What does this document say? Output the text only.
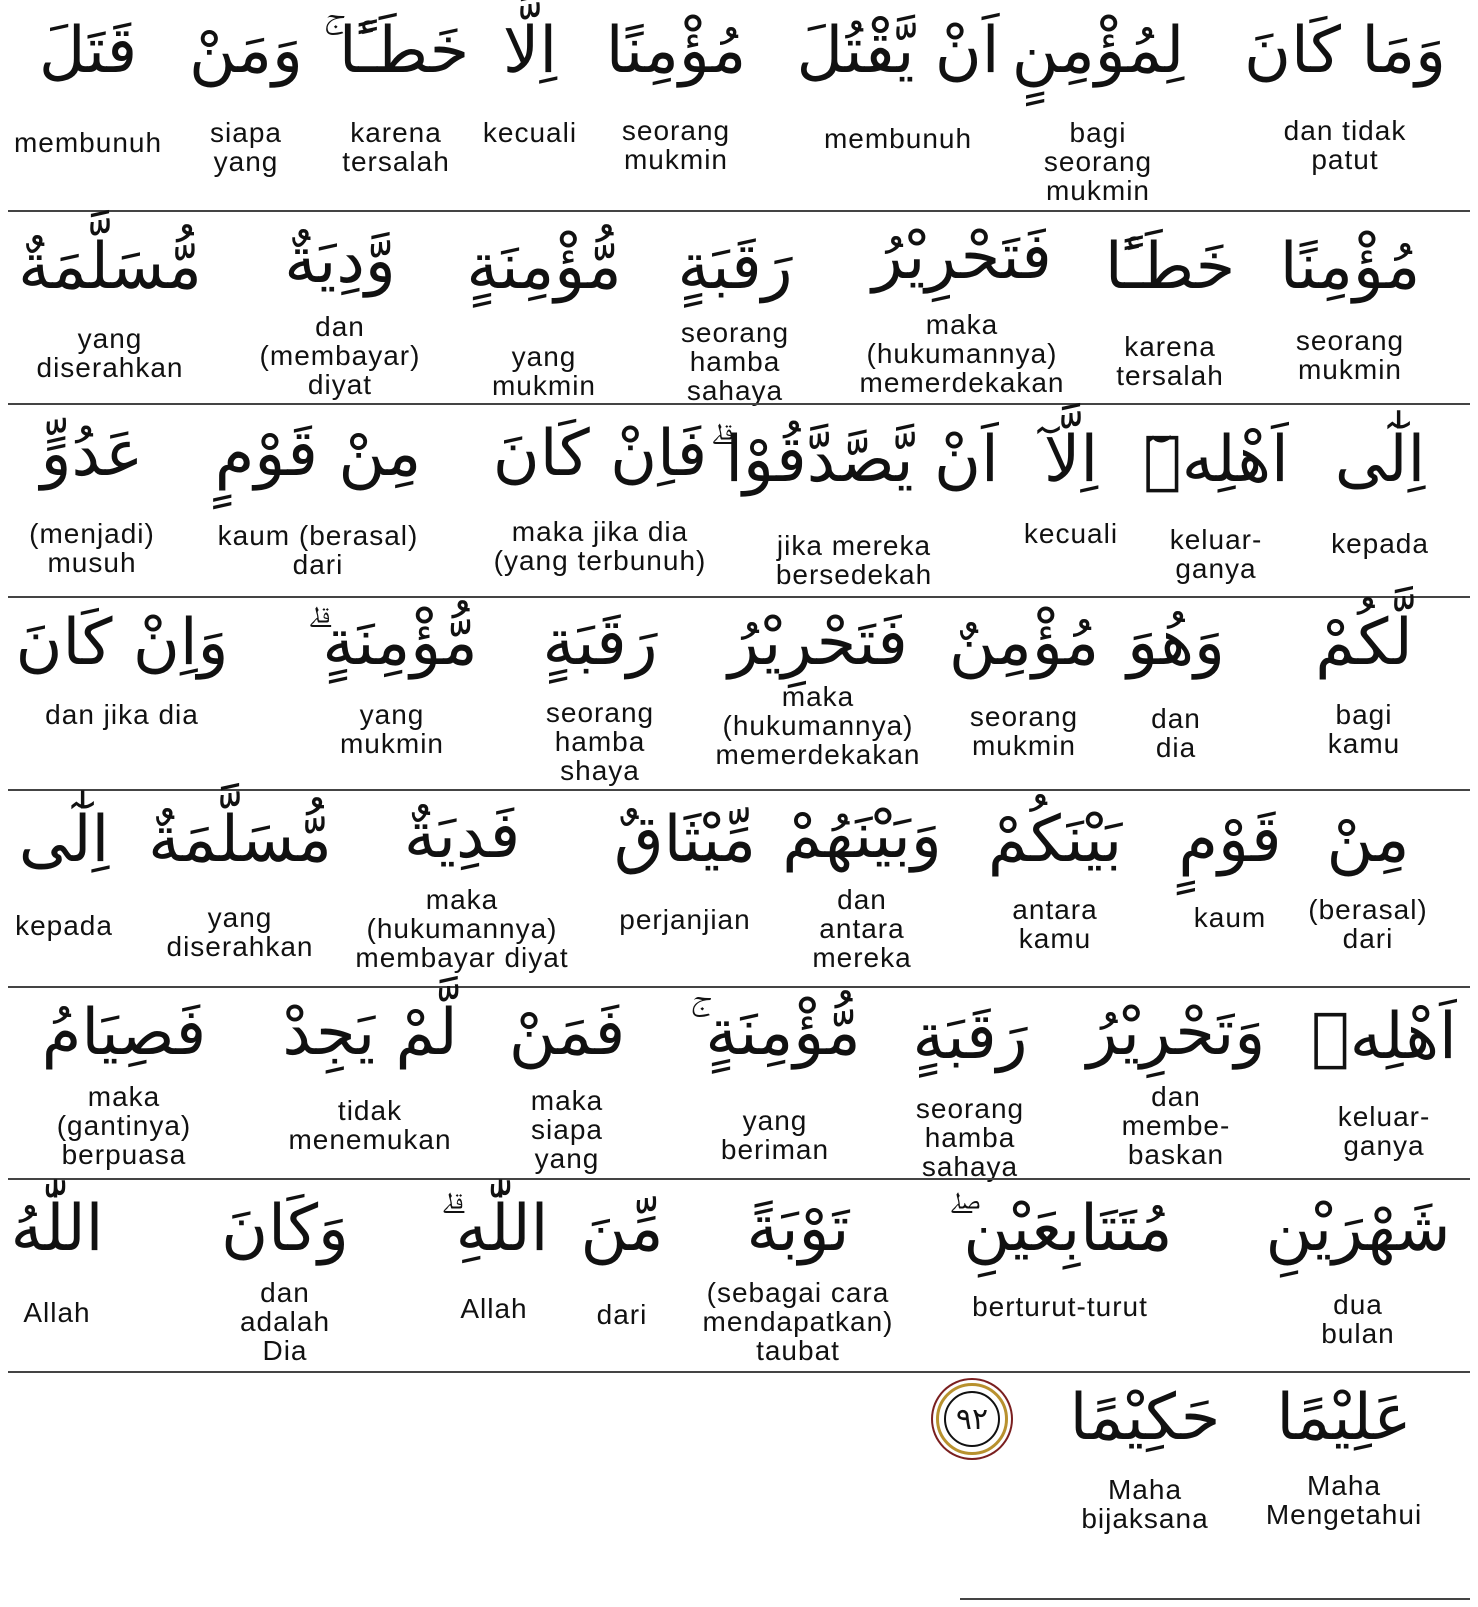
وَمَا كَانَ
dan tidak
patut
لِمُؤْمِنٍ
bagi
seorang
mukmin
اَنْ يَّقْتُلَ
membunuh
مُؤْمِنًا
seorang
mukmin
اِلَّا
kecuali
خَطَـًٔا ۚ
karena
tersalah
وَمَنْ
siapa
yang
قَتَلَ
membunuh
مُؤْمِنًا
seorang
mukmin
خَطَـًٔا
karena
tersalah
فَتَحْرِيْرُ
maka
(hukumannya)
memerdekakan
رَقَبَةٍ
seorang
hamba
sahaya
مُّؤْمِنَةٍ
yang
mukmin
وَّدِيَةٌ
dan
(membayar)
diyat
مُّسَلَّمَةٌ
yang
diserahkan
اِلٰٓى
kepada
اَهْلِهٖٓ
keluar-
ganya
اِلَّآ
kecuali
اَنْ يَّصَّدَّقُوْا ۗ
jika mereka
bersedekah
فَاِنْ كَانَ
maka jika dia
(yang terbunuh)
مِنْ قَوْمٍ
kaum (berasal)
dari
عَدُوٍّ
(menjadi)
musuh
لَّكُمْ
bagi
kamu
وَهُوَ
dan
dia
مُؤْمِنٌ
seorang
mukmin
فَتَحْرِيْرُ
maka
(hukumannya)
memerdekakan
رَقَبَةٍ
seorang
hamba
shaya
مُّؤْمِنَةٍ ۗ
yang
mukmin
وَاِنْ كَانَ
dan jika dia
مِنْ
(berasal)
dari
قَوْمٍ
kaum
بَيْنَكُمْ
antara
kamu
وَبَيْنَهُمْ
dan
antara
mereka
مِّيْثَاقٌ
perjanjian
فَدِيَةٌ
maka
(hukumannya)
membayar diyat
مُّسَلَّمَةٌ
yang
diserahkan
اِلٰٓى
kepada
اَهْلِهٖ
keluar-
ganya
وَتَحْرِيْرُ
dan
membe-
baskan
رَقَبَةٍ
seorang
hamba
sahaya
مُّؤْمِنَةٍ ۚ
yang
beriman
فَمَنْ
maka
siapa
yang
لَّمْ يَجِدْ
tidak
menemukan
فَصِيَامُ
maka
(gantinya)
berpuasa
شَهْرَيْنِ
dua
bulan
مُتَتَابِعَيْنِ ۖ
berturut-turut
تَوْبَةً
(sebagai cara
mendapatkan)
taubat
مِّنَ
dari
اللّٰهِ ۗ
Allah
وَكَانَ
dan
adalah
Dia
اللّٰهُ
Allah
عَلِيْمًا
Maha
Mengetahui
حَكِيْمًا
Maha
bijaksana
٩٢
